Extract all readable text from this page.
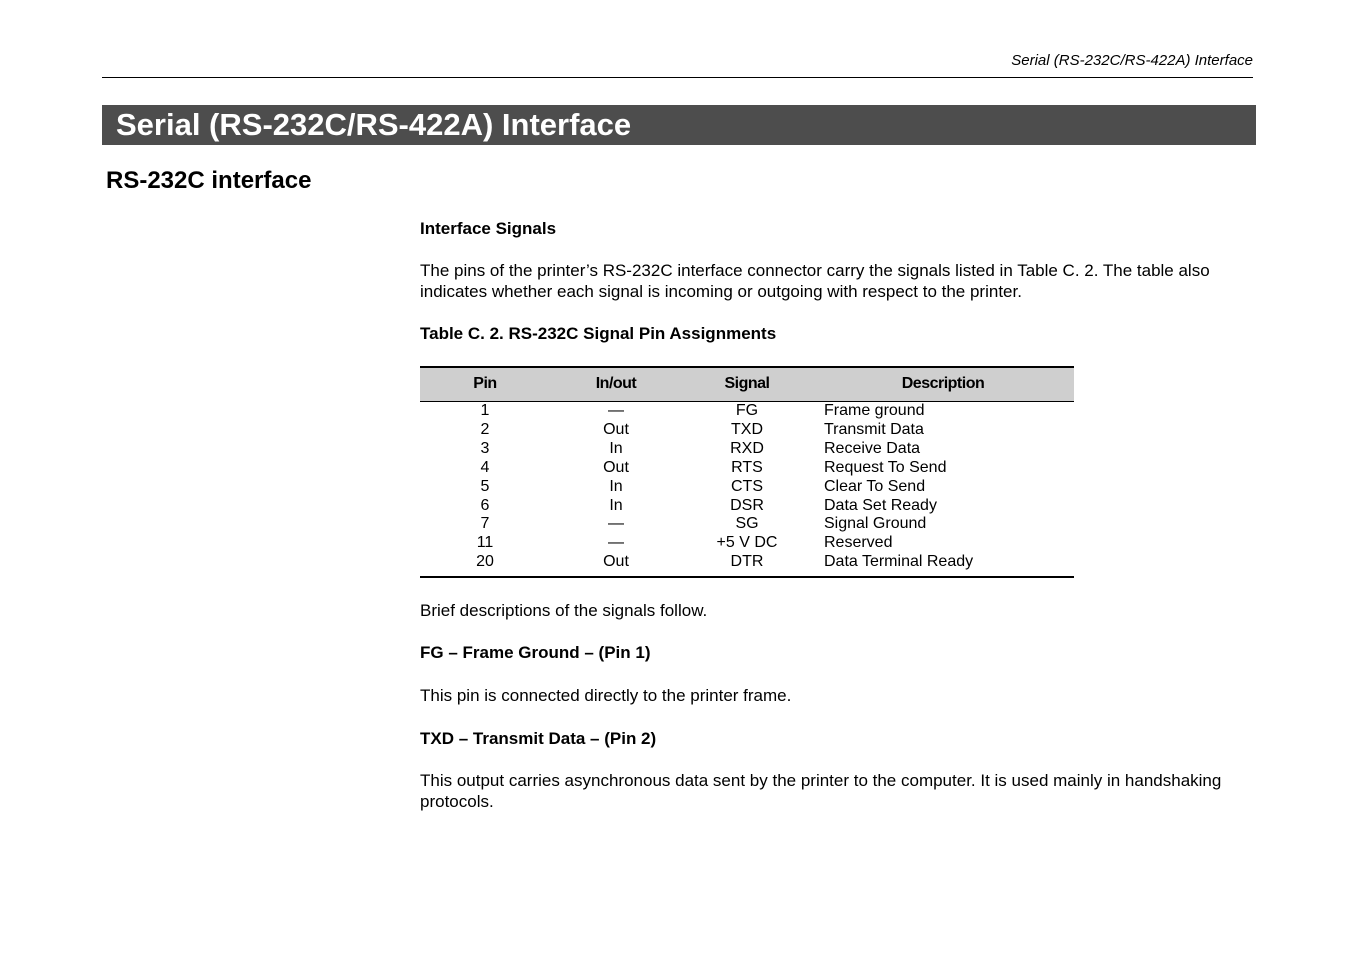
Serial (RS-232C/RS-422A) Interface
Serial (RS-232C/RS-422A) Interface
RS-232C interface

Interface Signals

The pins of the printer’s RS-232C interface connector carry the signals listed in Table C. 2. The table also indicates whether each signal is incoming or outgoing with respect to the printer.

Table C. 2. RS-232C Signal Pin Assignments

Pin	In/out	Signal	Description
1	—	FG	Frame ground
2	Out	TXD	Transmit Data
3	In	RXD	Receive Data
4	Out	RTS	Request To Send
5	In	CTS	Clear To Send
6	In	DSR	Data Set Ready
7	—	SG	Signal Ground
11	—	+5 V DC	Reserved
20	Out	DTR	Data Terminal Ready

Brief descriptions of the signals follow.

FG – Frame Ground – (Pin 1)

This pin is connected directly to the printer frame.

TXD – Transmit Data – (Pin 2)

This output carries asynchronous data sent by the printer to the computer. It is used mainly in handshaking protocols.
